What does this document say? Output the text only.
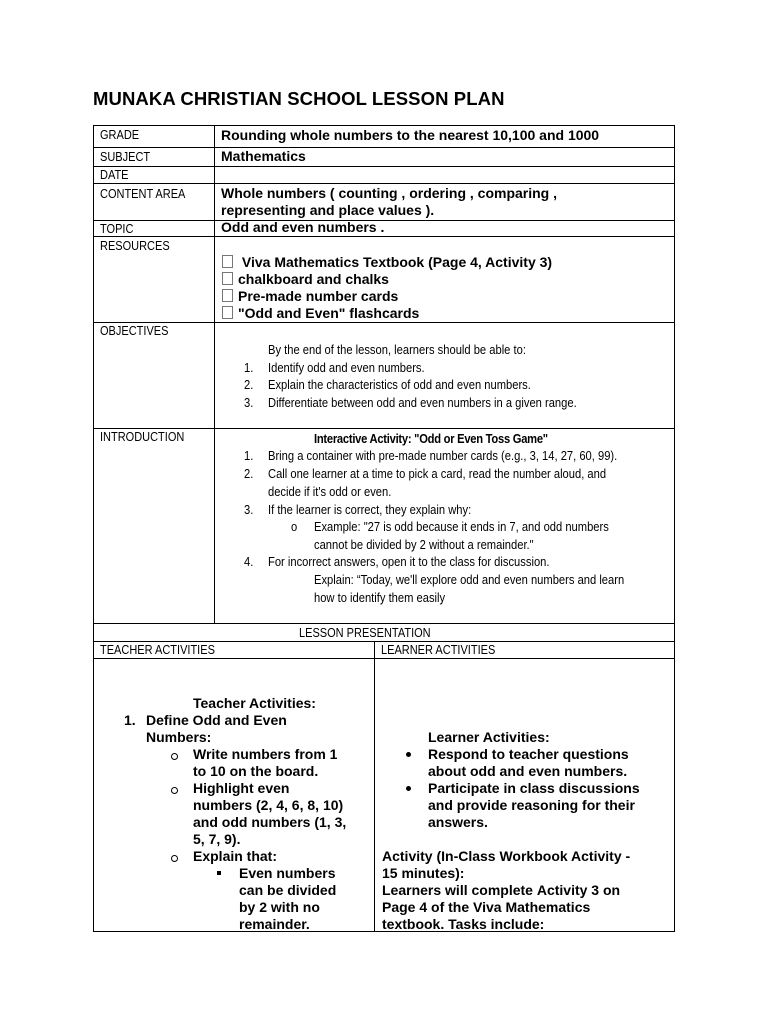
MUNAKA CHRISTIAN SCHOOL LESSON PLAN
GRADE
SUBJECT
DATE
CONTENT AREA
TOPIC
RESOURCES
OBJECTIVES
INTRODUCTION
LESSON PRESENTATION
TEACHER ACTIVITIES	LEARNER ACTIVITIES
Rounding whole numbers to the nearest 10,100 and 1000
Mathematics
Whole numbers ( counting , ordering , comparing ,
representing and place values ).
Odd and even numbers .
Viva Mathematics Textbook (Page 4, Activity 3)
chalkboard and chalks
Pre-made number cards
"Odd and Even" flashcards
By the end of the lesson, learners should be able to:
1. Identify odd and even numbers.
2. Explain the characteristics of odd and even numbers.
3. Differentiate between odd and even numbers in a given range.
Interactive Activity: "Odd or Even Toss Game"
1. Bring a container with pre-made number cards (e.g., 3, 14, 27, 60, 99).
2. Call one learner at a time to pick a card, read the number aloud, and
decide if it's odd or even.
3. If the learner is correct, they explain why:
o Example: "27 is odd because it ends in 7, and odd numbers
cannot be divided by 2 without a remainder."
4. For incorrect answers, open it to the class for discussion.
Explain: “Today, we'll explore odd and even numbers and learn
how to identify them easily
Teacher Activities:
1. Define Odd and Even
Numbers:
Write numbers from 1
to 10 on the board.
Highlight even
numbers (2, 4, 6, 8, 10)
and odd numbers (1, 3,
5, 7, 9).
Explain that:
Even numbers
can be divided
by 2 with no
remainder.
Learner Activities:
Respond to teacher questions
about odd and even numbers.
Participate in class discussions
and provide reasoning for their
answers.
Activity (In-Class Workbook Activity -
15 minutes):
Learners will complete Activity 3 on
Page 4 of the Viva Mathematics
textbook. Tasks include:
